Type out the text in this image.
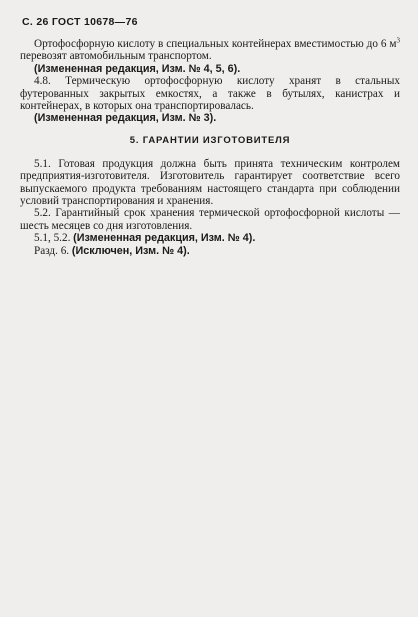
С. 26 ГОСТ 10678—76

Ортофосфорную кислоту в специальных контейнерах вместимостью до 6 $м^3$ перевозят автомобильным транспортом.

(Измененная редакция, Изм. № 4, 5, 6).

4.8. Термическую ортофосфорную кислоту хранят в стальных футерованных закрытых емкостях, а также в бутылях, канистрах и контейнерах, в которых она транспортировалась.

(Измененная редакция, Изм. № 3).

5. ГАРАНТИИ ИЗГОТОВИТЕЛЯ

5.1. Готовая продукция должна быть принята техническим контролем предприятия-изготовителя. Изготовитель гарантирует соответствие всего выпускаемого продукта требованиям настоящего стандарта при соблюдении условий транспортирования и хранения.

5.2. Гарантийный срок хранения термической ортофосфорной кислоты — шесть месяцев со дня изготовления.

5.1, 5.2. (Измененная редакция, Изм. № 4).

Разд. 6. (Исключен, Изм. № 4).
